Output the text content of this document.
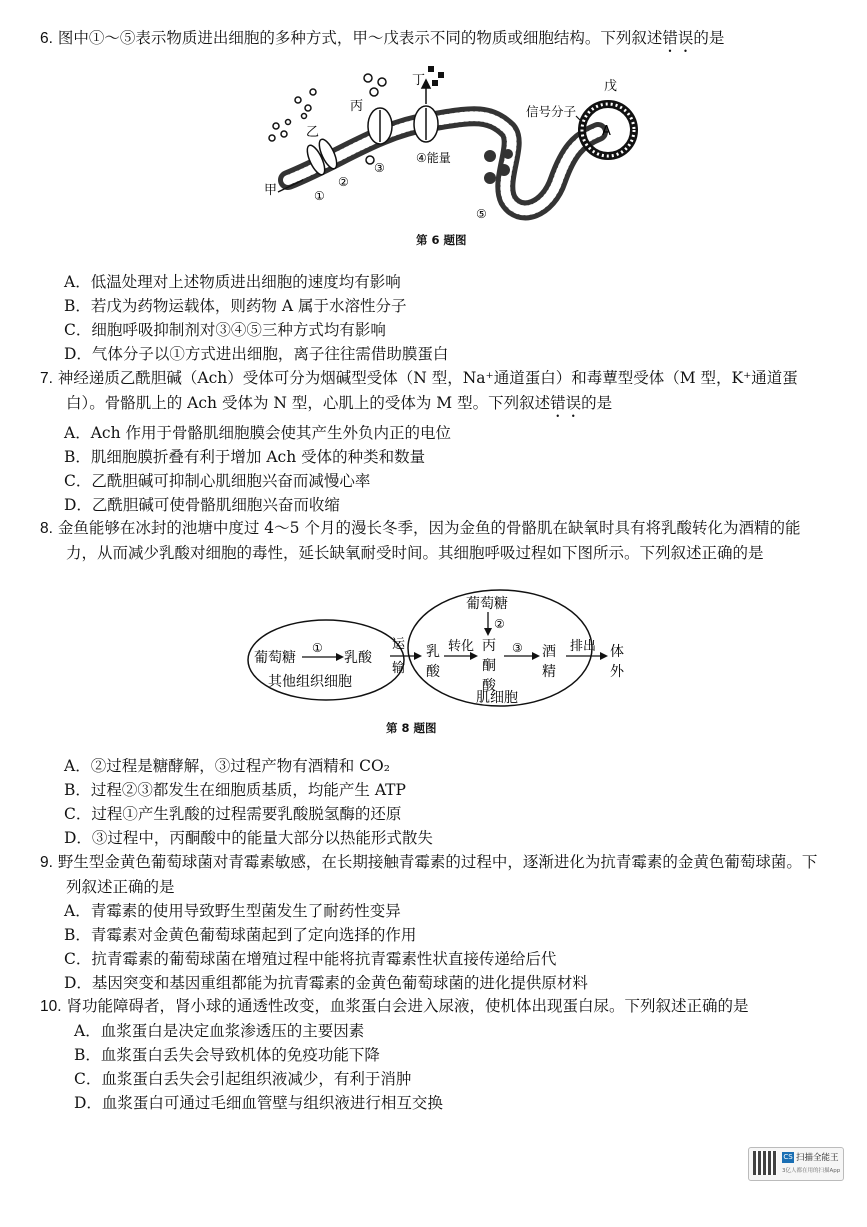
6. 图中①～⑤表示物质进出细胞的多种方式，甲～戊表示不同的物质或细胞结构。下列叙述错误的是
甲
乙
①
②
丙
③
丁
④能量
⑤
A
戊
信号分子
第 6 题图
A．低温处理对上述物质进出细胞的速度均有影响
B．若戊为药物运载体，则药物 A 属于水溶性分子
C．细胞呼吸抑制剂对③④⑤三种方式均有影响
D．气体分子以①方式进出细胞，离子往往需借助膜蛋白
7. 神经递质乙酰胆碱（Ach）受体可分为烟碱型受体（N 型，Na⁺通道蛋白）和毒蕈型受体（M 型，K⁺通道蛋白）。骨骼肌上的 Ach 受体为 N 型，心肌上的受体为 M 型。下列叙述错误的是
A．Ach 作用于骨骼肌细胞膜会使其产生外负内正的电位
B．肌细胞膜折叠有利于增加 Ach 受体的种类和数量
C．乙酰胆碱可抑制心肌细胞兴奋而减慢心率
D．乙酰胆碱可使骨骼肌细胞兴奋而收缩
8. 金鱼能够在冰封的池塘中度过 4～5 个月的漫长冬季，因为金鱼的骨骼肌在缺氧时具有将乳酸转化为酒精的能力，从而减少乳酸对细胞的毒性，延长缺氧耐受时间。其细胞呼吸过程如下图所示。下列叙述正确的是
葡萄糖
①
乳酸
其他组织细胞
运
输
乳
酸
转化
葡萄糖
②
丙
酮
酸
③ 酒
精
肌细胞
排出 体
外
第 8 题图
A．②过程是糖酵解，③过程产物有酒精和 CO₂
B．过程②③都发生在细胞质基质，均能产生 ATP
C．过程①产生乳酸的过程需要乳酸脱氢酶的还原
D．③过程中，丙酮酸中的能量大部分以热能形式散失
9. 野生型金黄色葡萄球菌对青霉素敏感，在长期接触青霉素的过程中，逐渐进化为抗青霉素的金黄色葡萄球菌。下列叙述正确的是
A．青霉素的使用导致野生型菌发生了耐药性变异
B．青霉素对金黄色葡萄球菌起到了定向选择的作用
C．抗青霉素的葡萄球菌在增殖过程中能将抗青霉素性状直接传递给后代
D．基因突变和基因重组都能为抗青霉素的金黄色葡萄球菌的进化提供原材料
10. 肾功能障碍者，肾小球的通透性改变，血浆蛋白会进入尿液，使机体出现蛋白尿。下列叙述正确的是
A．血浆蛋白是决定血浆渗透压的主要因素
B．血浆蛋白丢失会导致机体的免疫功能下降
C．血浆蛋白丢失会引起组织液减少，有利于消肿
D．血浆蛋白可通过毛细血管壁与组织液进行相互交换
CS 扫描全能王
3亿人都在用的扫描App
